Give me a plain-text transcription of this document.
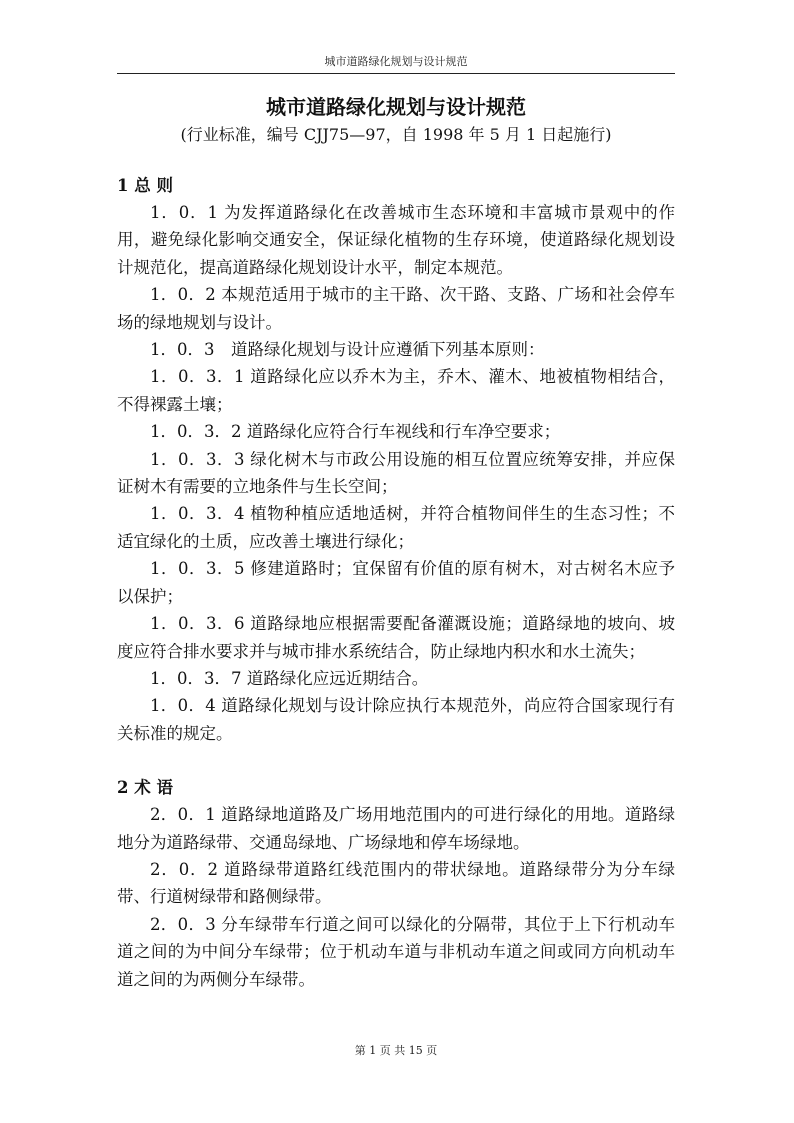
城市道路绿化规划与设计规范
城市道路绿化规划与设计规范

(行业标准，编号 CJJ75—97，自 1998 年 5 月 1 日起施行)

1 总 则

1．0．1 为发挥道路绿化在改善城市生态环境和丰富城市景观中的作用，避免绿化影响交通安全，保证绿化植物的生存环境，使道路绿化规划设计规范化，提高道路绿化规划设计水平，制定本规范。

1．0．2 本规范适用于城市的主干路、次干路、支路、广场和社会停车场的绿地规划与设计。

1．0．3　道路绿化规划与设计应遵循下列基本原则：

1．0．3．1 道路绿化应以乔木为主，乔木、灌木、地被植物相结合，不得裸露土壤；

1．0．3．2 道路绿化应符合行车视线和行车净空要求；

1．0．3．3 绿化树木与市政公用设施的相互位置应统筹安排，并应保证树木有需要的立地条件与生长空间；

1．0．3．4 植物种植应适地适树，并符合植物间伴生的生态习性；不适宜绿化的土质，应改善土壤进行绿化；

1．0．3．5 修建道路时；宜保留有价值的原有树木，对古树名木应予以保护；

1．0．3．6 道路绿地应根据需要配备灌溉设施；道路绿地的坡向、坡度应符合排水要求并与城市排水系统结合，防止绿地内积水和水土流失；

1．0．3．7 道路绿化应远近期结合。

1．0．4 道路绿化规划与设计除应执行本规范外，尚应符合国家现行有关标准的规定。

2 术 语

2．0．1 道路绿地道路及广场用地范围内的可进行绿化的用地。道路绿地分为道路绿带、交通岛绿地、广场绿地和停车场绿地。

2．0．2 道路绿带道路红线范围内的带状绿地。道路绿带分为分车绿带、行道树绿带和路侧绿带。

2．0．3 分车绿带车行道之间可以绿化的分隔带，其位于上下行机动车道之间的为中间分车绿带；位于机动车道与非机动车道之间或同方向机动车道之间的为两侧分车绿带。

第 1 页 共 15 页
